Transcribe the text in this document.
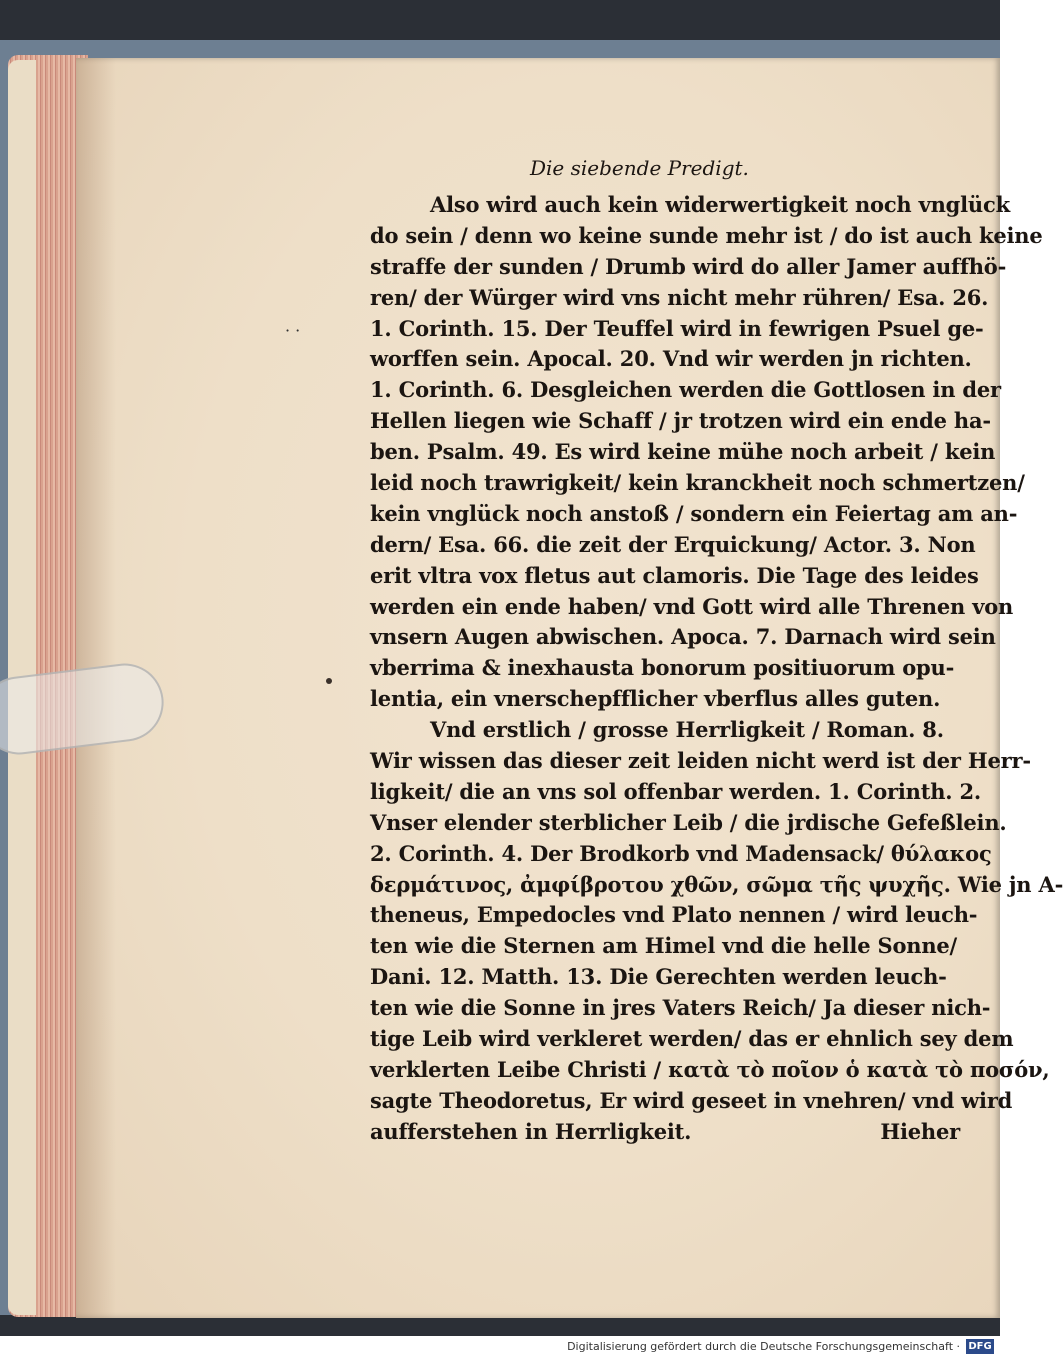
· ·
Die siebende Predigt.
Also wird auch kein widerwertigkeit noch vnglück
do sein / denn wo keine sunde mehr ist / do ist auch keine
straffe der sunden / Drumb wird do aller Jamer auffhö-
ren/ der Würger wird vns nicht mehr rühren/ Esa. 26.
1. Corinth. 15. Der Teuffel wird in fewrigen Psuel ge-
worffen sein. Apocal. 20. Vnd wir werden jn richten.
1. Corinth. 6. Desgleichen werden die Gottlosen in der
Hellen liegen wie Schaff / jr trotzen wird ein ende ha-
ben. Psalm. 49. Es wird keine mühe noch arbeit / kein
leid noch trawrigkeit/ kein kranckheit noch schmertzen/
kein vnglück noch anstoß / sondern ein Feiertag am an-
dern/ Esa. 66. die zeit der Erquickung/ Actor. 3. Non
erit vltra vox fletus aut clamoris. Die Tage des leides
werden ein ende haben/ vnd Gott wird alle Threnen von
vnsern Augen abwischen. Apoca. 7. Darnach wird sein
vberrima & inexhausta bonorum positiuorum opu-
lentia, ein vnerschepfflicher vberflus alles guten.
Vnd erstlich / grosse Herrligkeit / Roman. 8.
Wir wissen das dieser zeit leiden nicht werd ist der Herr-
ligkeit/ die an vns sol offenbar werden. 1. Corinth. 2.
Vnser elender sterblicher Leib / die jrdische Gefeßlein.
2. Corinth. 4. Der Brodkorb vnd Madensack/ θύλακος
δερμάτινος, ἀμφίβροτου χθῶν, σῶμα τῆς ψυχῆς. Wie jn A-
theneus, Empedocles vnd Plato nennen / wird leuch-
ten wie die Sternen am Himel vnd die helle Sonne/
Dani. 12. Matth. 13. Die Gerechten werden leuch-
ten wie die Sonne in jres Vaters Reich/ Ja dieser nich-
tige Leib wird verkleret werden/ das er ehnlich sey dem
verklerten Leibe Christi / κατὰ τὸ ποῖον ὁ κατὰ τὸ ποσόν,
sagte Theodoretus, Er wird geseet in vnehren/ vnd wird
aufferstehen in Herrligkeit.	Hieher
Digitalisierung gefördert durch die Deutsche Forschungsgemeinschaft · DFG
